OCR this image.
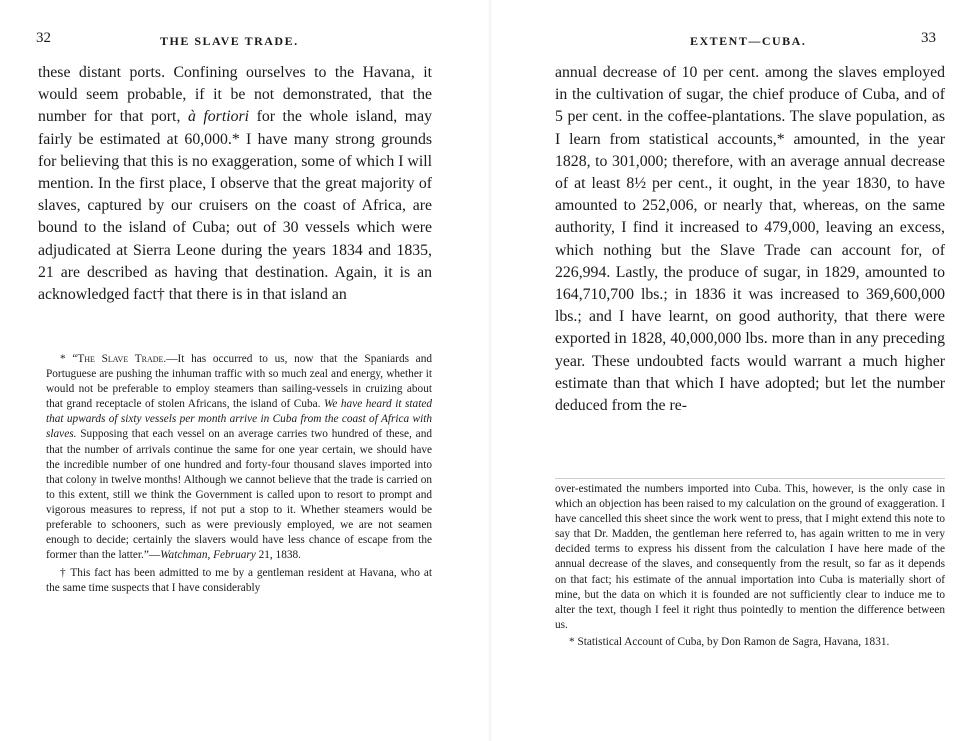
32	THE SLAVE TRADE.
these distant ports. Confining ourselves to the Havana, it would seem probable, if it be not demonstrated, that the number for that port, à fortiori for the whole island, may fairly be estimated at 60,000.* I have many strong grounds for believing that this is no exaggeration, some of which I will mention. In the first place, I observe that the great majority of slaves, captured by our cruisers on the coast of Africa, are bound to the island of Cuba; out of 30 vessels which were adjudicated at Sierra Leone during the years 1834 and 1835, 21 are described as having that destination. Again, it is an acknowledged fact† that there is in that island an

* “The Slave Trade.—It has occurred to us, now that the Spaniards and Portuguese are pushing the inhuman traffic with so much zeal and energy, whether it would not be preferable to employ steamers than sailing-vessels in cruizing about that grand receptacle of stolen Africans, the island of Cuba. We have heard it stated that upwards of sixty vessels per month arrive in Cuba from the coast of Africa with slaves. Supposing that each vessel on an average carries two hundred of these, and that the number of arrivals continue the same for one year certain, we should have the incredible number of one hundred and forty-four thousand slaves imported into that colony in twelve months! Although we cannot believe that the trade is carried on to this extent, still we think the Government is called upon to resort to prompt and vigorous measures to repress, if not put a stop to it. Whether steamers would be preferable to schooners, such as were previously employed, we are not seamen enough to decide; certainly the slavers would have less chance of escape from the former than the latter.”—Watchman, February 21, 1838.

† This fact has been admitted to me by a gentleman resident at Havana, who at the same time suspects that I have considerably

EXTENT—CUBA.	33
annual decrease of 10 per cent. among the slaves employed in the cultivation of sugar, the chief produce of Cuba, and of 5 per cent. in the coffee-plantations. The slave population, as I learn from statistical accounts,* amounted, in the year 1828, to 301,000; therefore, with an average annual decrease of at least 8½ per cent., it ought, in the year 1830, to have amounted to 252,006, or nearly that, whereas, on the same authority, I find it increased to 479,000, leaving an excess, which nothing but the Slave Trade can account for, of 226,994. Lastly, the produce of sugar, in 1829, amounted to 164,710,700 lbs.; in 1836 it was increased to 369,600,000 lbs.; and I have learnt, on good authority, that there were exported in 1828, 40,000,000 lbs. more than in any preceding year. These undoubted facts would warrant a much higher estimate than that which I have adopted; but let the number deduced from the re-

over-estimated the numbers imported into Cuba. This, however, is the only case in which an objection has been raised to my calculation on the ground of exaggeration. I have cancelled this sheet since the work went to press, that I might extend this note to say that Dr. Madden, the gentleman here referred to, has again written to me in very decided terms to express his dissent from the calculation I have here made of the annual decrease of the slaves, and consequently from the result, so far as it depends on that fact; his estimate of the annual importation into Cuba is materially short of mine, but the data on which it is founded are not sufficiently clear to induce me to alter the text, though I feel it right thus pointedly to mention the difference between us.

* Statistical Account of Cuba, by Don Ramon de Sagra, Havana, 1831.
